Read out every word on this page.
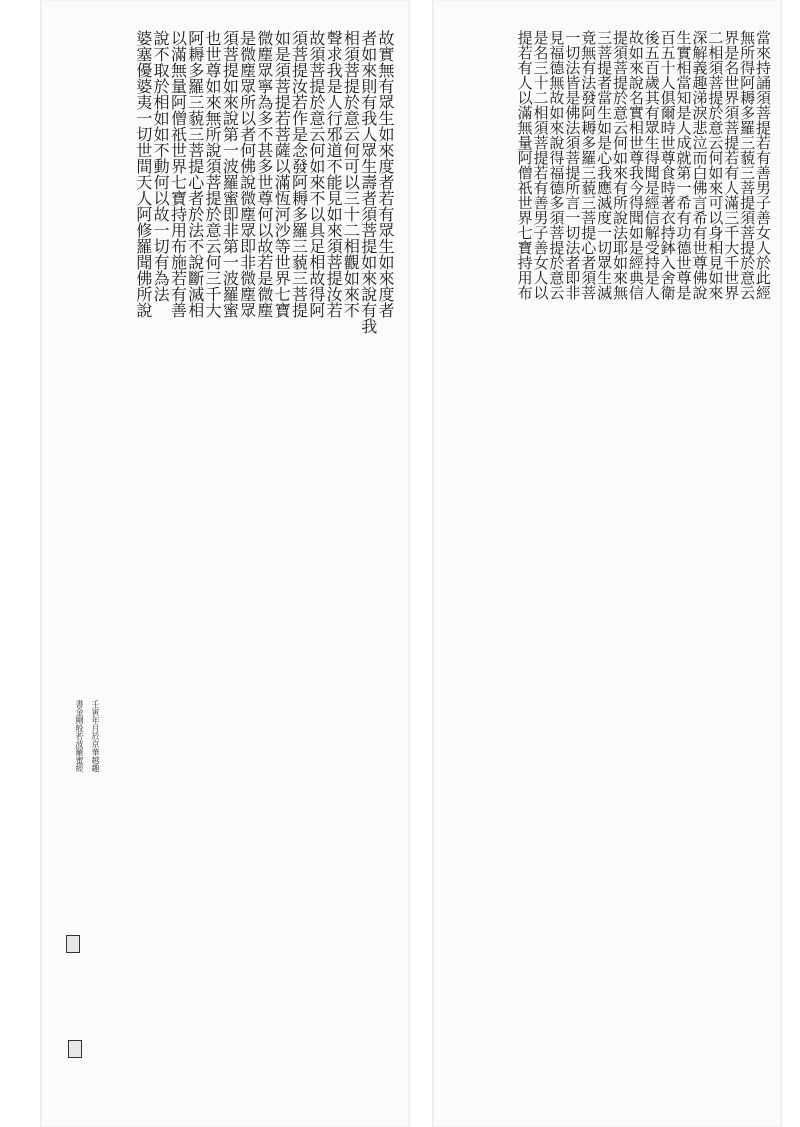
故實無有眾生如來度者若有眾生如來度者
者如來則有我人眾生壽者須菩提如來說有我
相須菩提於意云何可以三十二相觀如來不
聲求我是人行邪道不能見如來須菩提汝若
故須菩提於意云何如來不以具足相故得阿
須菩提汝若作是念發阿耨多羅三藐三菩提
如是須菩提若菩薩以滿恆河沙等世界七寶
微塵眾寧為多不甚多世尊何以故若是微塵
是微塵眾所以者何佛說微塵眾即非微塵眾
須菩提如來說第一波羅蜜即非第一波羅蜜
也世尊如來無所說須菩提於意云何三千大
阿耨多羅三藐三菩提心者於法不說斷滅相
以滿無量阿僧祇世界七寶持用布施若有善
說不取於相如如不動何以故一切有為法
婆塞優婆夷一切世間天人阿修羅聞佛所說
壬寅年月於京華越趣
書金剛般若波羅蜜經
當來持誦須菩提若有善男子善女人於此經
無所得阿耨多羅三藐三菩提須菩提於意云
界是名世界須菩提若有人滿三千大千世界
二相須菩提於意云何如來可以身相見如來
深解義趣涕淚悲泣而白佛言希有世尊佛說
生實相當知是人成就第一希有功德世尊是
百五十人俱爾時世尊食時著衣持鉢入舍衛
後五百歲其有眾生得聞是經信解受持是人
故如來說名實相世尊我今得聞如是經典信
提須菩提於意云何如來有所說法耶如來無
三菩提者當生如是心我應滅度一切眾生滅
竟無有法發阿耨多羅三藐三菩提心者須菩
一切法皆是佛法須菩提所言一切法者即非
見福德無故如來說得福德多須菩提於意云
是名三十二相須菩提若有善男子善女人以
提若有人以滿無量阿僧祇世界七寶持用布
